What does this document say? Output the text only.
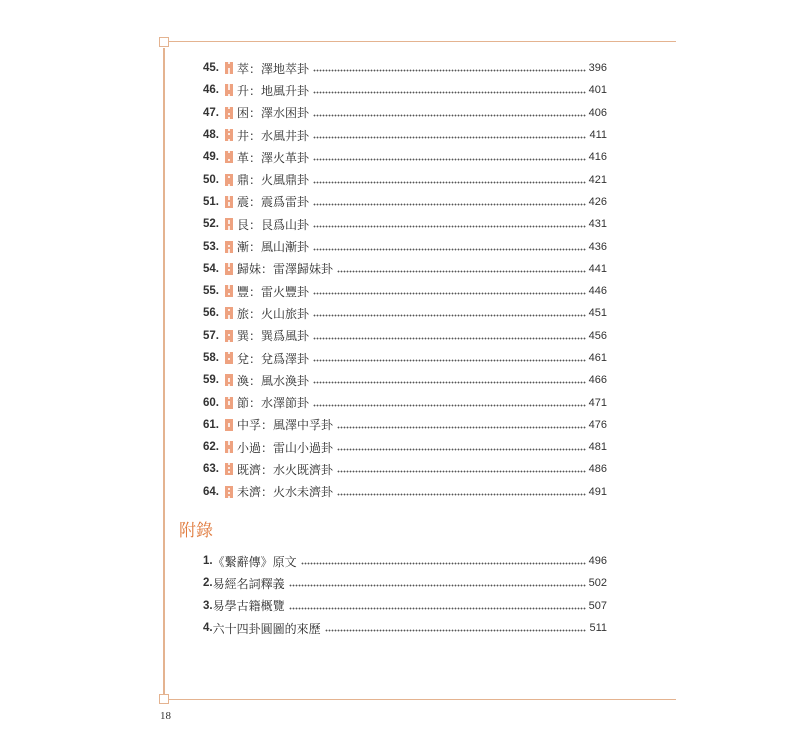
45.	萃：澤地萃卦	396
46.	升：地風升卦	401
47.	困：澤水困卦	406
48.	井：水風井卦	411
49.	革：澤火革卦	416
50.	鼎：火風鼎卦	421
51.	震：震爲雷卦	426
52.	艮：艮爲山卦	431
53.	漸：風山漸卦	436
54.	歸妹：雷澤歸妹卦	441
55.	豐：雷火豐卦	446
56.	旅：火山旅卦	451
57.	巽：巽爲風卦	456
58.	兌：兌爲澤卦	461
59.	渙：風水渙卦	466
60.	節：水澤節卦	471
61.	中孚：風澤中孚卦	476
62.	小過：雷山小過卦	481
63.	既濟：水火既濟卦	486
64.	未濟：火水未濟卦	491
附錄
1. 《繫辭傳》原文	496
2. 易經名詞釋義	502
3. 易學古籍概覽	507
4. 六十四卦圓圖的來歷	511
18
